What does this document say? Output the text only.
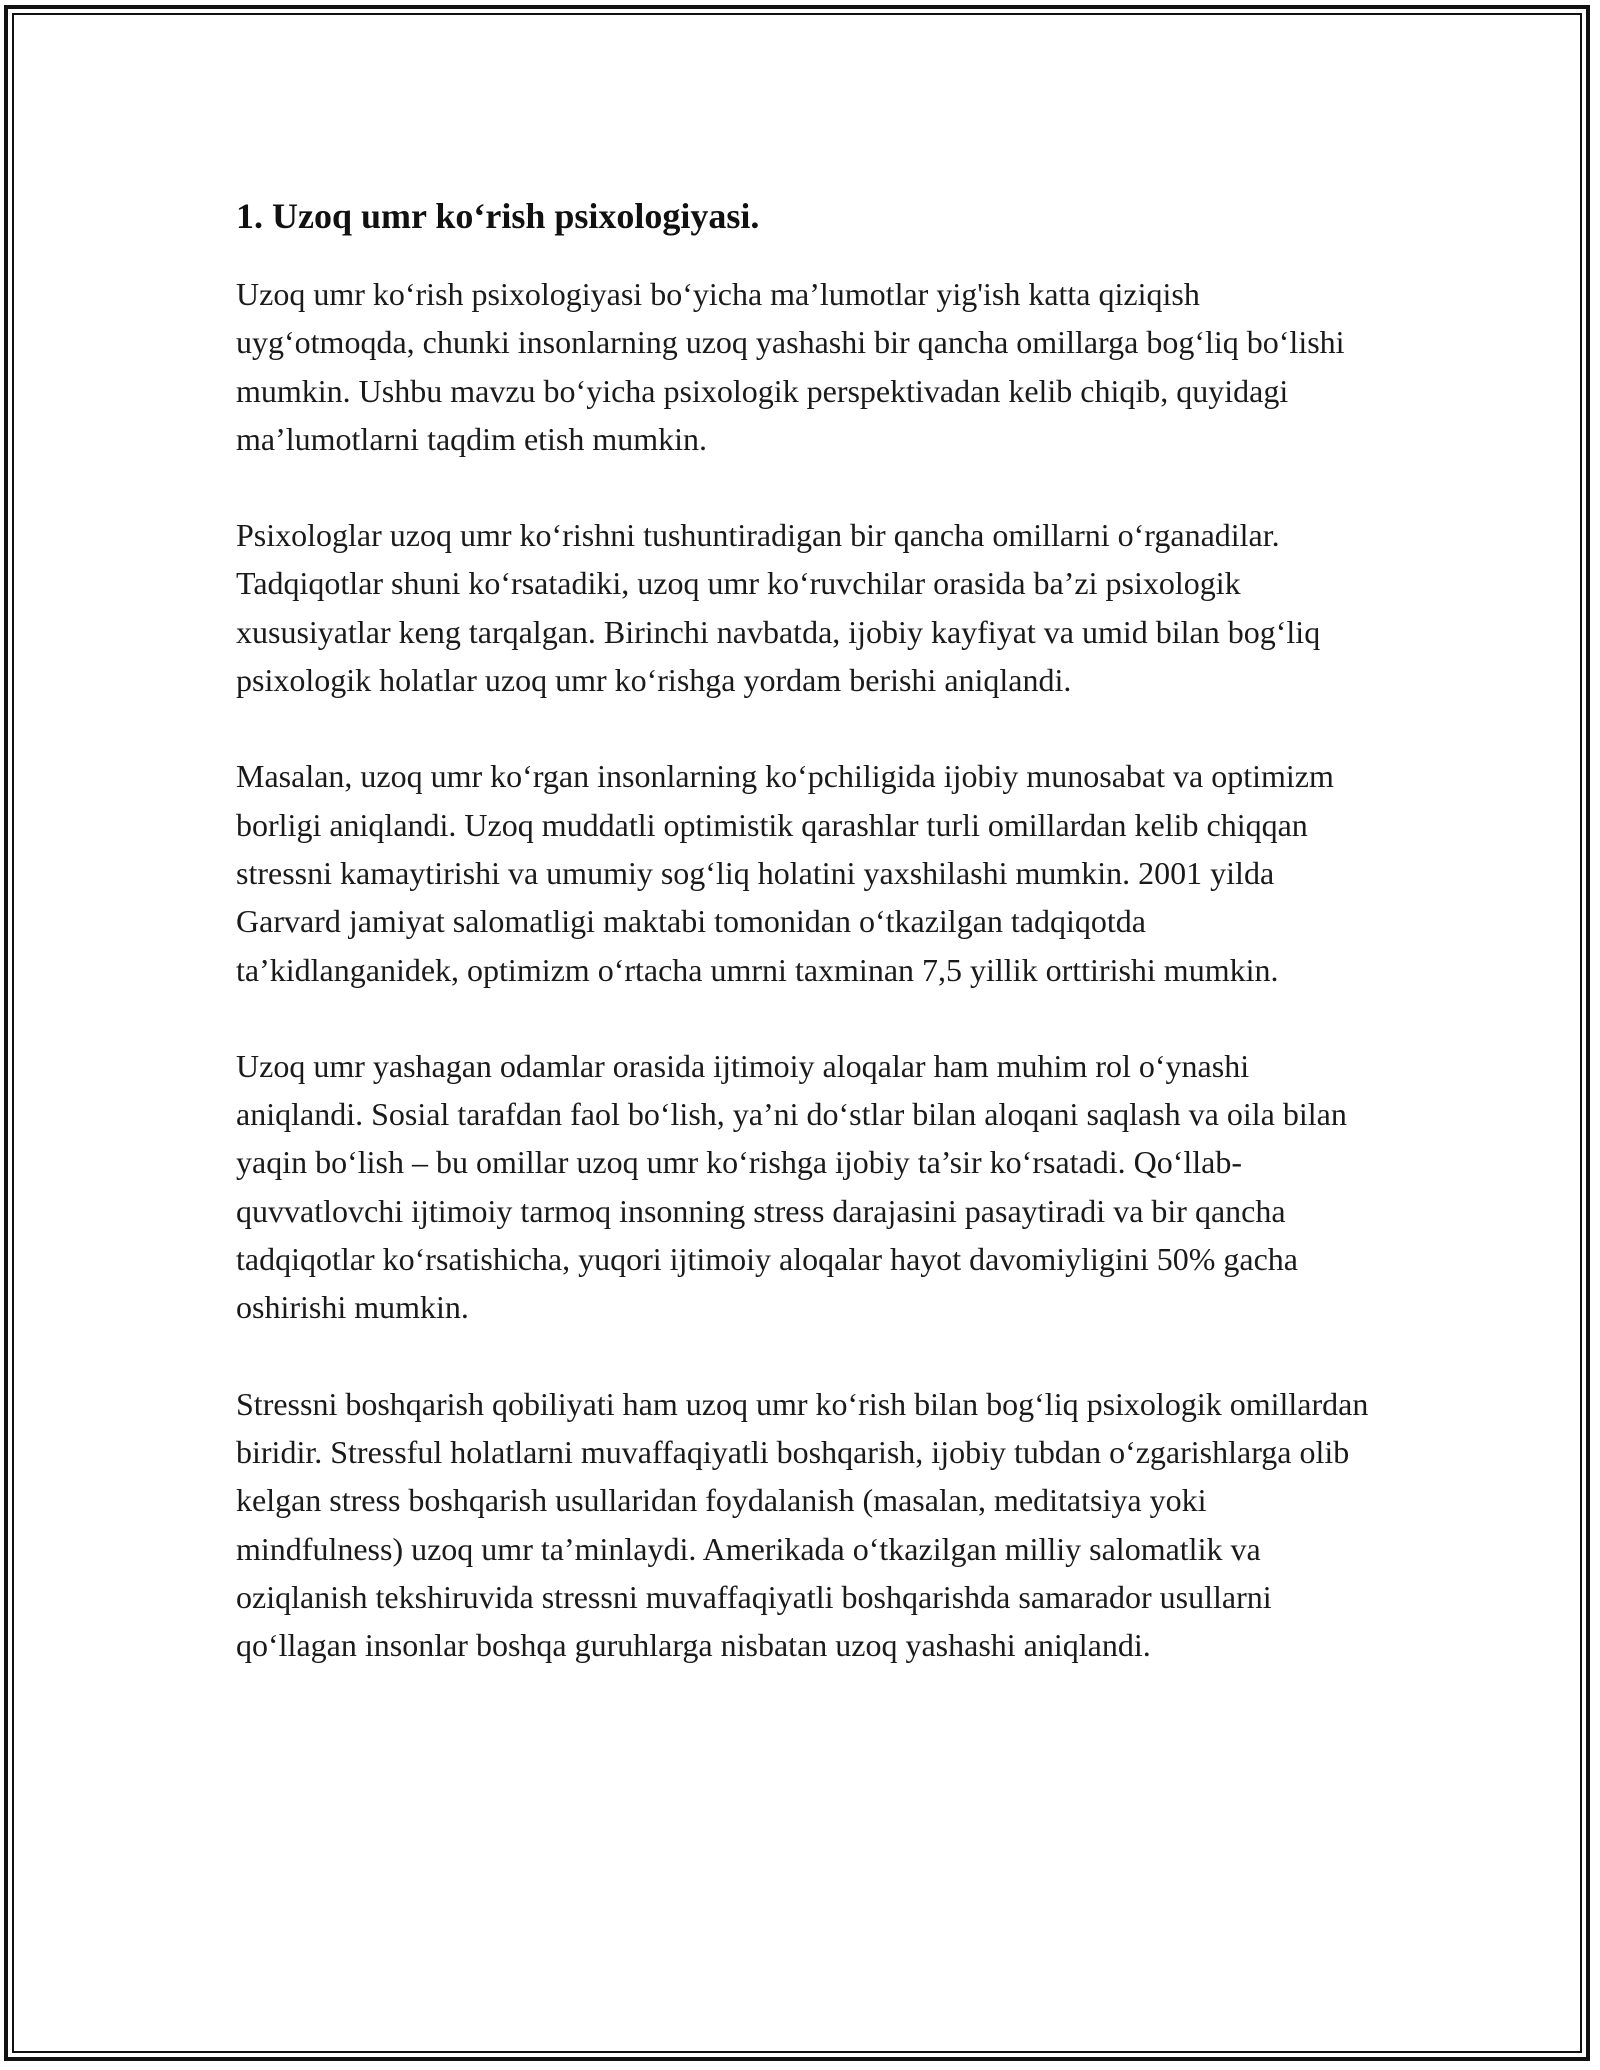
1. Uzoq umr ko‘rish psixologiyasi.

Uzoq umr ko‘rish psixologiyasi bo‘yicha ma’lumotlar yig'ish katta qiziqish uyg‘otmoqda, chunki insonlarning uzoq yashashi bir qancha omillarga bog‘liq bo‘lishi mumkin. Ushbu mavzu bo‘yicha psixologik perspektivadan kelib chiqib, quyidagi ma’lumotlarni taqdim etish mumkin.

Psixologlar uzoq umr ko‘rishni tushuntiradigan bir qancha omillarni o‘rganadilar. Tadqiqotlar shuni ko‘rsatadiki, uzoq umr ko‘ruvchilar orasida ba’zi psixologik xususiyatlar keng tarqalgan. Birinchi navbatda, ijobiy kayfiyat va umid bilan bog‘liq psixologik holatlar uzoq umr ko‘rishga yordam berishi aniqlandi.

Masalan, uzoq umr ko‘rgan insonlarning ko‘pchiligida ijobiy munosabat va optimizm borligi aniqlandi. Uzoq muddatli optimistik qarashlar turli omillardan kelib chiqqan stressni kamaytirishi va umumiy sog‘liq holatini yaxshilashi mumkin. 2001 yilda Garvard jamiyat salomatligi maktabi tomonidan o‘tkazilgan tadqiqotda ta’kidlanganidek, optimizm o‘rtacha umrni taxminan 7,5 yillik orttirishi mumkin.

Uzoq umr yashagan odamlar orasida ijtimoiy aloqalar ham muhim rol o‘ynashi aniqlandi. Sosial tarafdan faol bo‘lish, ya’ni do‘stlar bilan aloqani saqlash va oila bilan yaqin bo‘lish – bu omillar uzoq umr ko‘rishga ijobiy ta’sir ko‘rsatadi. Qo‘llab-quvvatlovchi ijtimoiy tarmoq insonning stress darajasini pasaytiradi va bir qancha tadqiqotlar ko‘rsatishicha, yuqori ijtimoiy aloqalar hayot davomiyligini 50% gacha oshirishi mumkin.

Stressni boshqarish qobiliyati ham uzoq umr ko‘rish bilan bog‘liq psixologik omillardan biridir. Stressful holatlarni muvaffaqiyatli boshqarish, ijobiy tubdan o‘zgarishlarga olib kelgan stress boshqarish usullaridan foydalanish (masalan, meditatsiya yoki mindfulness) uzoq umr ta’minlaydi. Amerikada o‘tkazilgan milliy salomatlik va oziqlanish tekshiruvida stressni muvaffaqiyatli boshqarishda samarador usullarni qo‘llagan insonlar boshqa guruhlarga nisbatan uzoq yashashi aniqlandi.
